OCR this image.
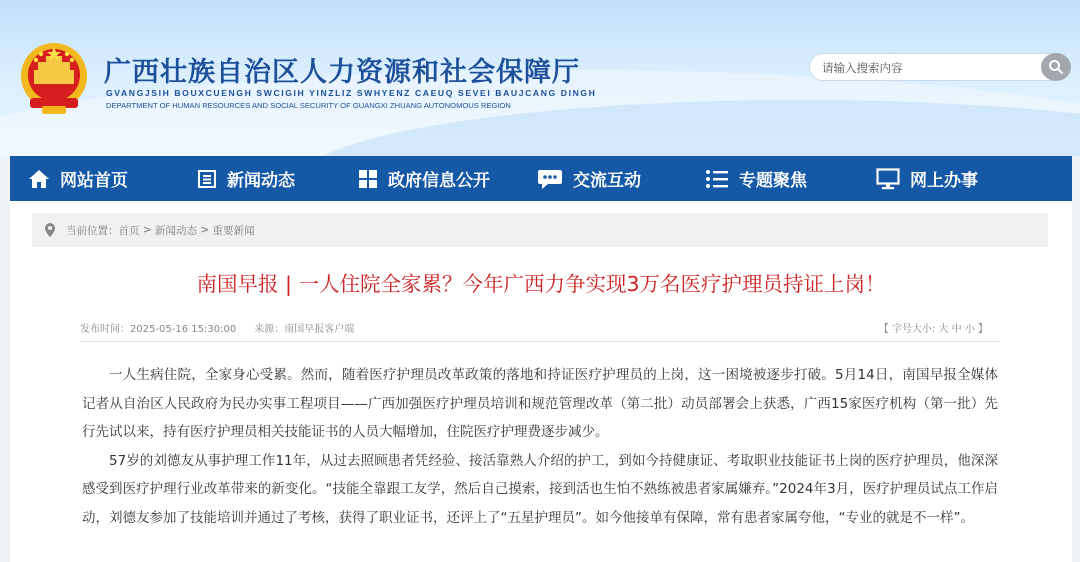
广西壮族自治区人力资源和社会保障厅
GVANGJSIH BOUXCUENGH SWCIGIH YINZLIZ SWHYENZ CAEUQ SEVEI BAUJCANG DINGH
DEPARTMENT OF HUMAN RESOURCES AND SOCIAL SECURITY OF GUANGXI ZHUANG AUTONOMOUS REGION
请输入搜索内容
网站首页	新闻动态	政府信息公开	交流互动	专题聚焦	网上办事
当前位置： 首页 > 新闻动态 > 重要新闻
南国早报 | 一人住院全家累？今年广西力争实现3万名医疗护理员持证上岗！
发布时间：2025-05-16 15:30:00 来源：南国早报客户端	【 字号大小: 大 中 小 】

一人生病住院，全家身心受累。然而，随着医疗护理员改革政策的落地和持证医疗护理员的上岗，这一困境被逐步打破。5月14日，南国早报全媒体记者从自治区人民政府为民办实事工程项目——广西加强医疗护理员培训和规范管理改革（第二批）动员部署会上获悉，广西15家医疗机构（第一批）先行先试以来，持有医疗护理员相关技能证书的人员大幅增加，住院医疗护理费逐步减少。

57岁的刘德友从事护理工作11年，从过去照顾患者凭经验、接活靠熟人介绍的护工，到如今持健康证、考取职业技能证书上岗的医疗护理员，他深深感受到医疗护理行业改革带来的新变化。“技能全靠跟工友学，然后自己摸索，接到活也生怕不熟练被患者家属嫌弃。”2024年3月，医疗护理员试点工作启动，刘德友参加了技能培训并通过了考核，获得了职业证书，还评上了“五星护理员”。如今他接单有保障，常有患者家属夸他，“专业的就是不一样”。
